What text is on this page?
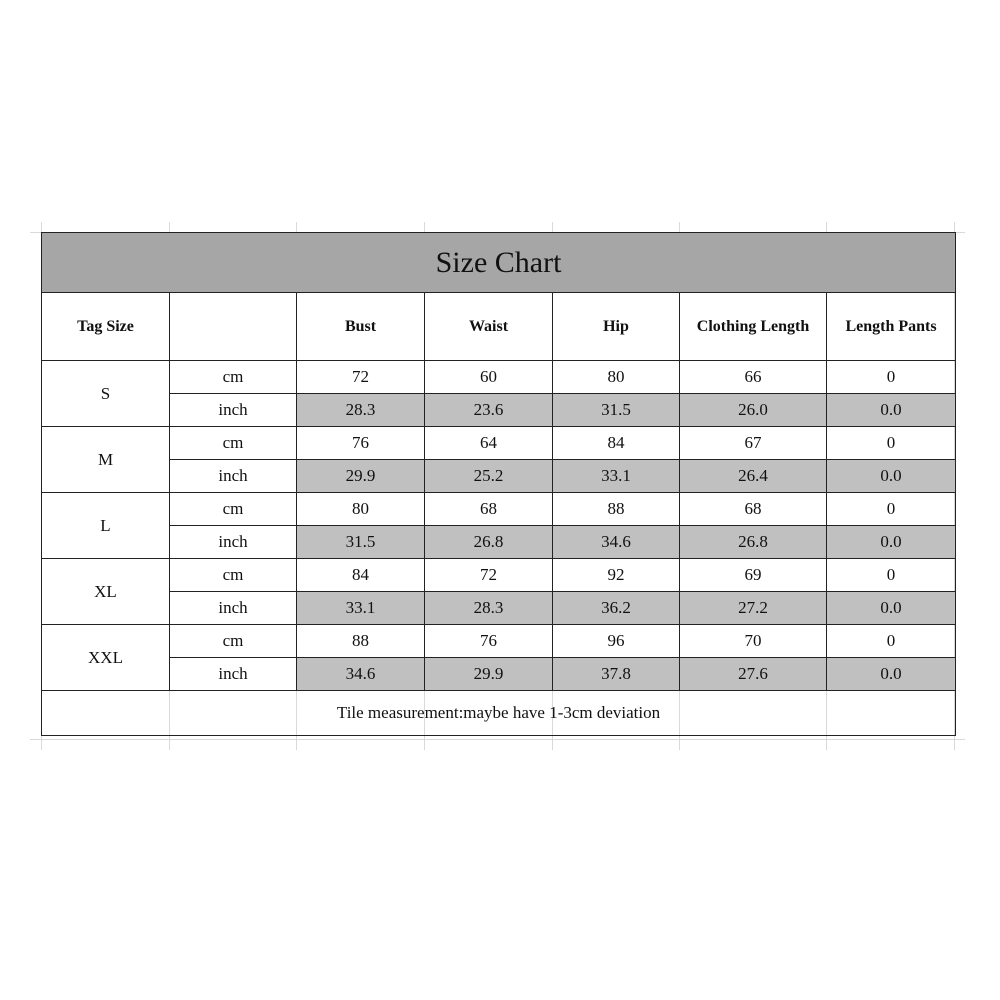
Size Chart						
Tag Size		Bust	Waist	Hip	Clothing Length	Length Pants
S	cm	72	60	80	66	0
	inch	28.3	23.6	31.5	26.0	0.0
M	cm	76	64	84	67	0
	inch	29.9	25.2	33.1	26.4	0.0
L	cm	80	68	88	68	0
	inch	31.5	26.8	34.6	26.8	0.0
XL	cm	84	72	92	69	0
	inch	33.1	28.3	36.2	27.2	0.0
XXL	cm	88	76	96	70	0
	inch	34.6	29.9	37.8	27.6	0.0
Tile measurement:maybe have 1-3cm deviation						
